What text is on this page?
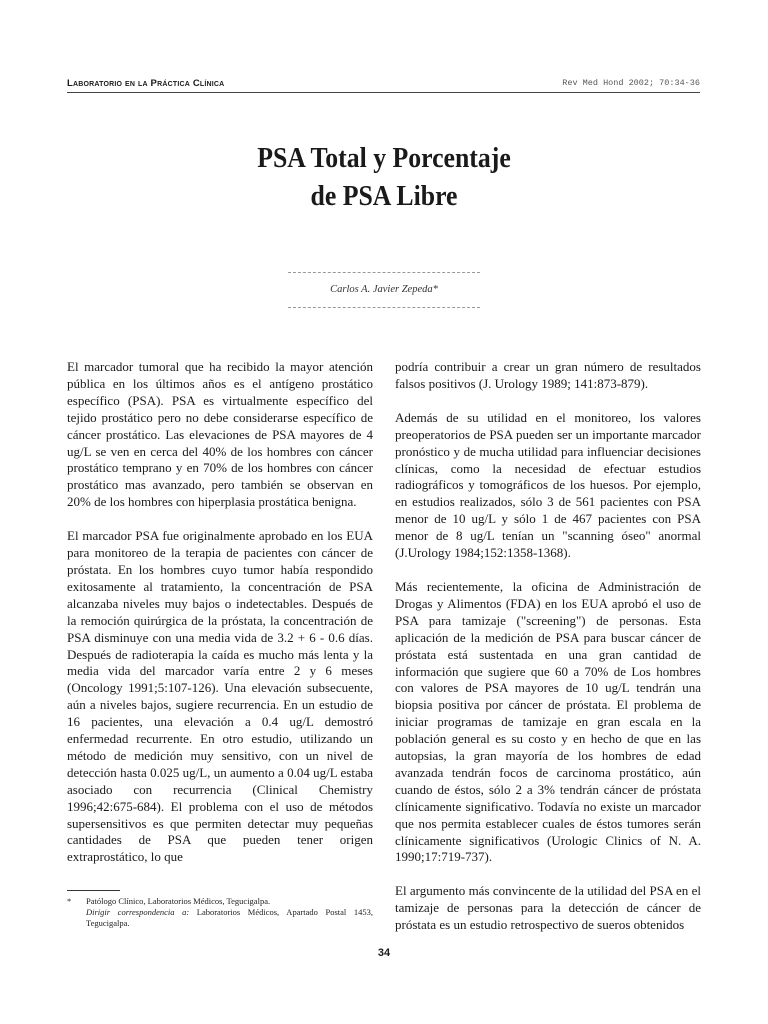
Laboratorio en la Práctica Clínica	Rev Med Hond 2002; 70:34-36
PSA Total y Porcentaje
de PSA Libre
Carlos A. Javier Zepeda*

El marcador tumoral que ha recibido la mayor atención pública en los últimos años es el antígeno prostático específico (PSA). PSA es virtualmente específico del tejido prostático pero no debe considerarse específico de cáncer prostático. Las elevaciones de PSA mayores de 4 ug/L se ven en cerca del 40% de los hombres con cáncer prostático temprano y en 70% de los hombres con cáncer prostático mas avanzado, pero también se observan en 20% de los hombres con hiperplasia prostática benigna.

El marcador PSA fue originalmente aprobado en los EUA para monitoreo de la terapia de pacientes con cáncer de próstata. En los hombres cuyo tumor había respondido exitosamente al tratamiento, la concentración de PSA alcanzaba niveles muy bajos o indetectables. Después de la remoción quirúrgica de la próstata, la concentración de PSA disminuye con una media vida de 3.2 + 6 - 0.6 días. Después de radioterapia la caída es mucho más lenta y la media vida del marcador varía entre 2 y 6 meses (Oncology 1991;5:107-126). Una elevación subsecuente, aún a niveles bajos, sugiere recurrencia. En un estudio de 16 pacientes, una elevación a 0.4 ug/L demostró enfermedad recurrente. En otro estudio, utilizando un método de medición muy sensitivo, con un nivel de detección hasta 0.025 ug/L, un aumento a 0.04 ug/L estaba asociado con recurrencia (Clinical Chemistry 1996;42:675-684). El problema con el uso de métodos supersensitivos es que permiten detectar muy pequeñas cantidades de PSA que pueden tener origen extraprostático, lo que

podría contribuir a crear un gran número de resultados falsos positivos (J. Urology 1989; 141:873-879).

Además de su utilidad en el monitoreo, los valores preoperatorios de PSA pueden ser un importante marcador pronóstico y de mucha utilidad para influenciar decisiones clínicas, como la necesidad de efectuar estudios radiográficos y tomográficos de los huesos. Por ejemplo, en estudios realizados, sólo 3 de 561 pacientes con PSA menor de 10 ug/L y sólo 1 de 467 pacientes con PSA menor de 8 ug/L tenían un "scanning óseo" anormal (J.Urology 1984;152:1358-1368).

Más recientemente, la oficina de Administración de Drogas y Alimentos (FDA) en los EUA aprobó el uso de PSA para tamizaje ("screening") de personas. Esta aplicación de la medición de PSA para buscar cáncer de próstata está sustentada en una gran cantidad de información que sugiere que 60 a 70% de Los hombres con valores de PSA mayores de 10 ug/L tendrán una biopsia positiva por cáncer de próstata. El problema de iniciar programas de tamizaje en gran escala en la población general es su costo y en hecho de que en las autopsias, la gran mayoría de los hombres de edad avanzada tendrán focos de carcinoma prostático, aún cuando de éstos, sólo 2 a 3% tendrán cáncer de próstata clínicamente significativo. Todavía no existe un marcador que nos permita establecer cuales de éstos tumores serán clínicamente significativos (Urologic Clinics of N. A. 1990;17:719-737).

El argumento más convincente de la utilidad del PSA en el tamizaje de personas para la detección de cáncer de próstata es un estudio retrospectivo de sueros obtenidos

* Patólogo Clínico, Laboratorios Médicos, Tegucigalpa.
Dirigir correspondencia a: Laboratorios Médicos, Apartado Postal 1453, Tegucigalpa.
34
